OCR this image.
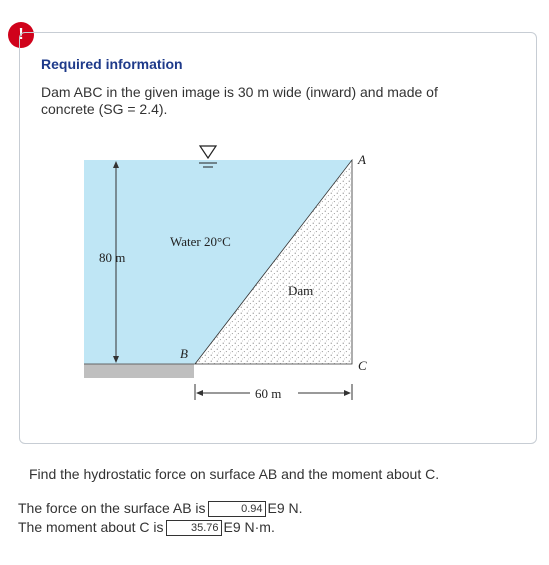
!
Required information
Dam ABC in the given image is 30 m wide (inward) and made of concrete (SG = 2.4).
A
B
C
Water 20°C
Dam
80 m
60 m
Find the hydrostatic force on surface AB and the moment about C.
The force on the surface AB is	0.94 E9 N.
The moment about C is 35.76 E9 N·m.
